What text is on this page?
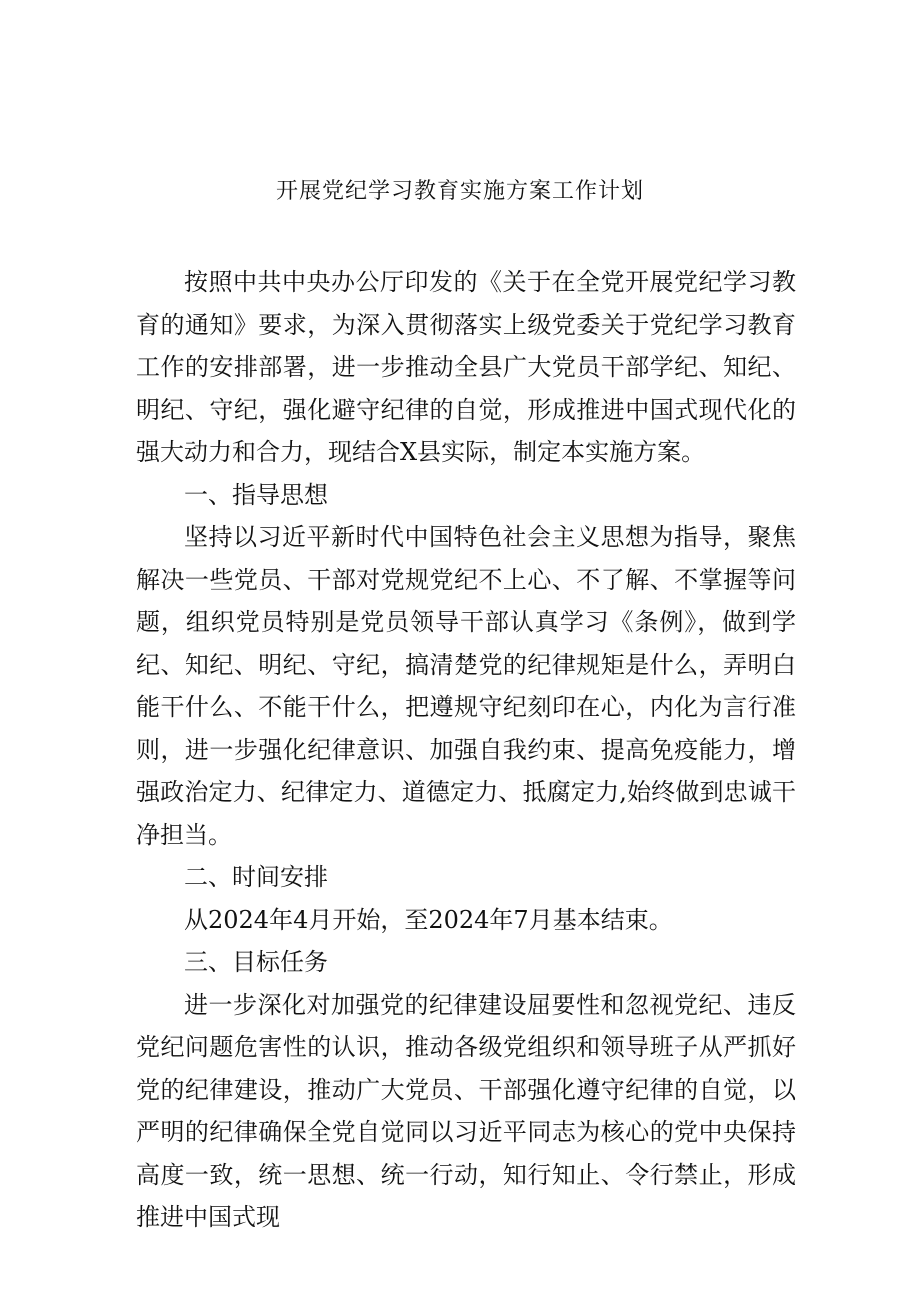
开展党纪学习教育实施方案工作计划

按照中共中央办公厅印发的《关于在全党开展党纪学习教育的通知》要求，为深入贯彻落实上级党委关于党纪学习教育工作的安排部署，进一步推动全县广大党员干部学纪、知纪、明纪、守纪，强化避守纪律的自觉，形成推进中国式现代化的强大动力和合力，现结合X县实际，制定本实施方案。

一、指导思想

坚持以习近平新时代中国特色社会主义思想为指导，聚焦解决一些党员、干部对党规党纪不上心、不了解、不掌握等问题，组织党员特别是党员领导干部认真学习《条例》，做到学纪、知纪、明纪、守纪，搞清楚党的纪律规矩是什么，弄明白能干什么、不能干什么，把遵规守纪刻印在心，内化为言行准则，进一步强化纪律意识、加强自我约束、提高免疫能力，增强政治定力、纪律定力、道德定力、抵腐定力,始终做到忠诚干净担当。

二、时间安排

从2024年4月开始，至2024年7月基本结束。

三、目标任务

进一步深化对加强党的纪律建设屈要性和忽视党纪、违反党纪问题危害性的认识，推动各级党组织和领导班子从严抓好党的纪律建设，推动广大党员、干部强化遵守纪律的自觉，以严明的纪律确保全党自觉同以习近平同志为核心的党中央保持高度一致，统一思想、统一行动，知行知止、令行禁止，形成推进中国式现
